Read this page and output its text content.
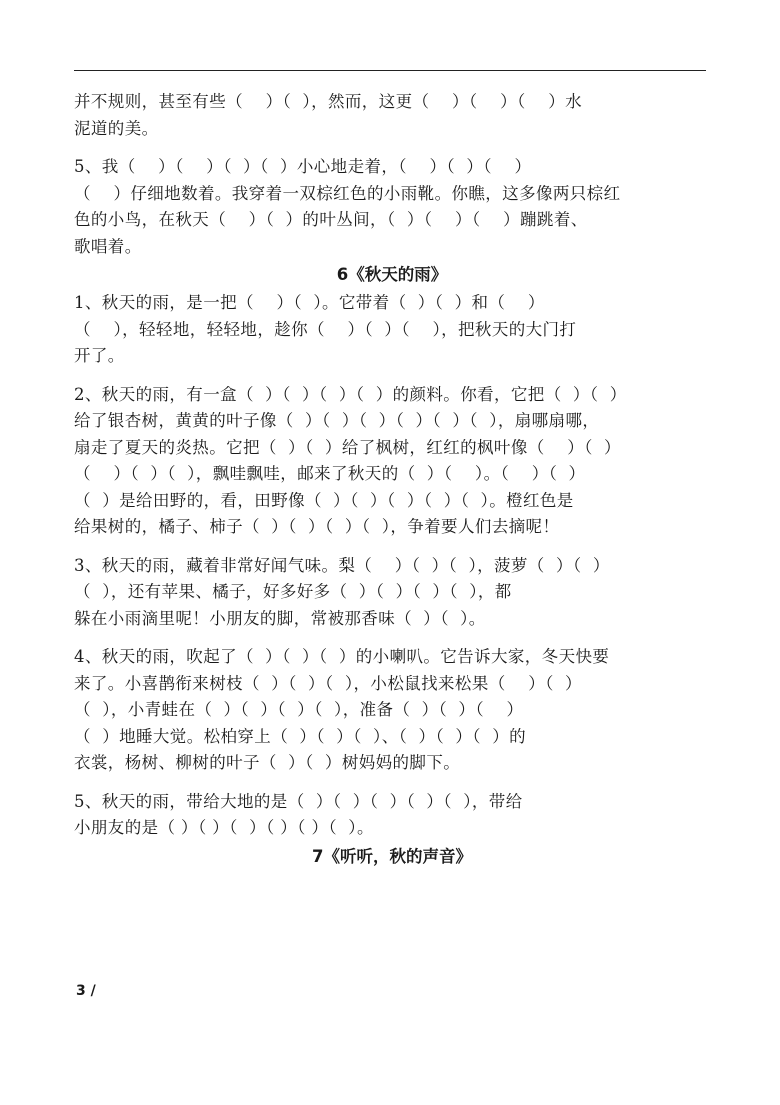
并不规则，甚至有些（    ）（  ），然而，这更（    ）（    ）（    ）水
泥道的美。
5、我（    ）（    ）（  ）（  ）小心地走着，（    ）（  ）（    ）
（    ）仔细地数着。我穿着一双棕红色的小雨靴。你瞧，这多像两只棕红
色的小鸟，在秋天（    ）（  ）的叶丛间，（  ）（    ）（    ）蹦跳着、
歌唱着。
6《秋天的雨》
1、秋天的雨，是一把（    ）（  ）。它带着（  ）（  ）和（    ）
（    ），轻轻地，轻轻地，趁你（    ）（  ）（    ），把秋天的大门打
开了。
2、秋天的雨，有一盒（  ）（  ）（  ）（  ）的颜料。你看，它把（  ）（  ）
给了银杏树，黄黄的叶子像（  ）（  ）（  ）（  ）（  ）（  ），扇哪扇哪，
扇走了夏天的炎热。它把（  ）（  ）给了枫树，红红的枫叶像（    ）（  ）
（    ）（  ）（  ），飘哇飘哇，邮来了秋天的（  ）（    ）。（    ）（  ）
（  ）是给田野的，看，田野像（  ）（  ）（  ）（  ）（  ）。橙红色是
给果树的，橘子、柿子（  ）（  ）（  ）（  ），争着要人们去摘呢！
3、秋天的雨，藏着非常好闻气味。梨（    ）（  ）（  ），菠萝（  ）（  ）
（  ），还有苹果、橘子，好多好多（  ）（  ）（  ）（  ），都
躲在小雨滴里呢！小朋友的脚，常被那香味（  ）（  ）。
4、秋天的雨，吹起了（  ）（  ）（  ）的小喇叭。它告诉大家，冬天快要
来了。小喜鹊衔来树枝（  ）（  ）（  ），小松鼠找来松果（    ）（  ）
（  ），小青蛙在（  ）（  ）（  ）（  ），准备（  ）（  ）（    ）
（  ）地睡大觉。松柏穿上（  ）（  ）（  ）、（  ）（  ）（  ）的
衣裳，杨树、柳树的叶子（  ）（  ）树妈妈的脚下。
5、秋天的雨，带给大地的是（  ）（  ）（  ）（  ）（  ），带给
小朋友的是（ ）（ ）（  ）（ ）（ ）（  ）。
7《听听，秋的声音》
3 /
